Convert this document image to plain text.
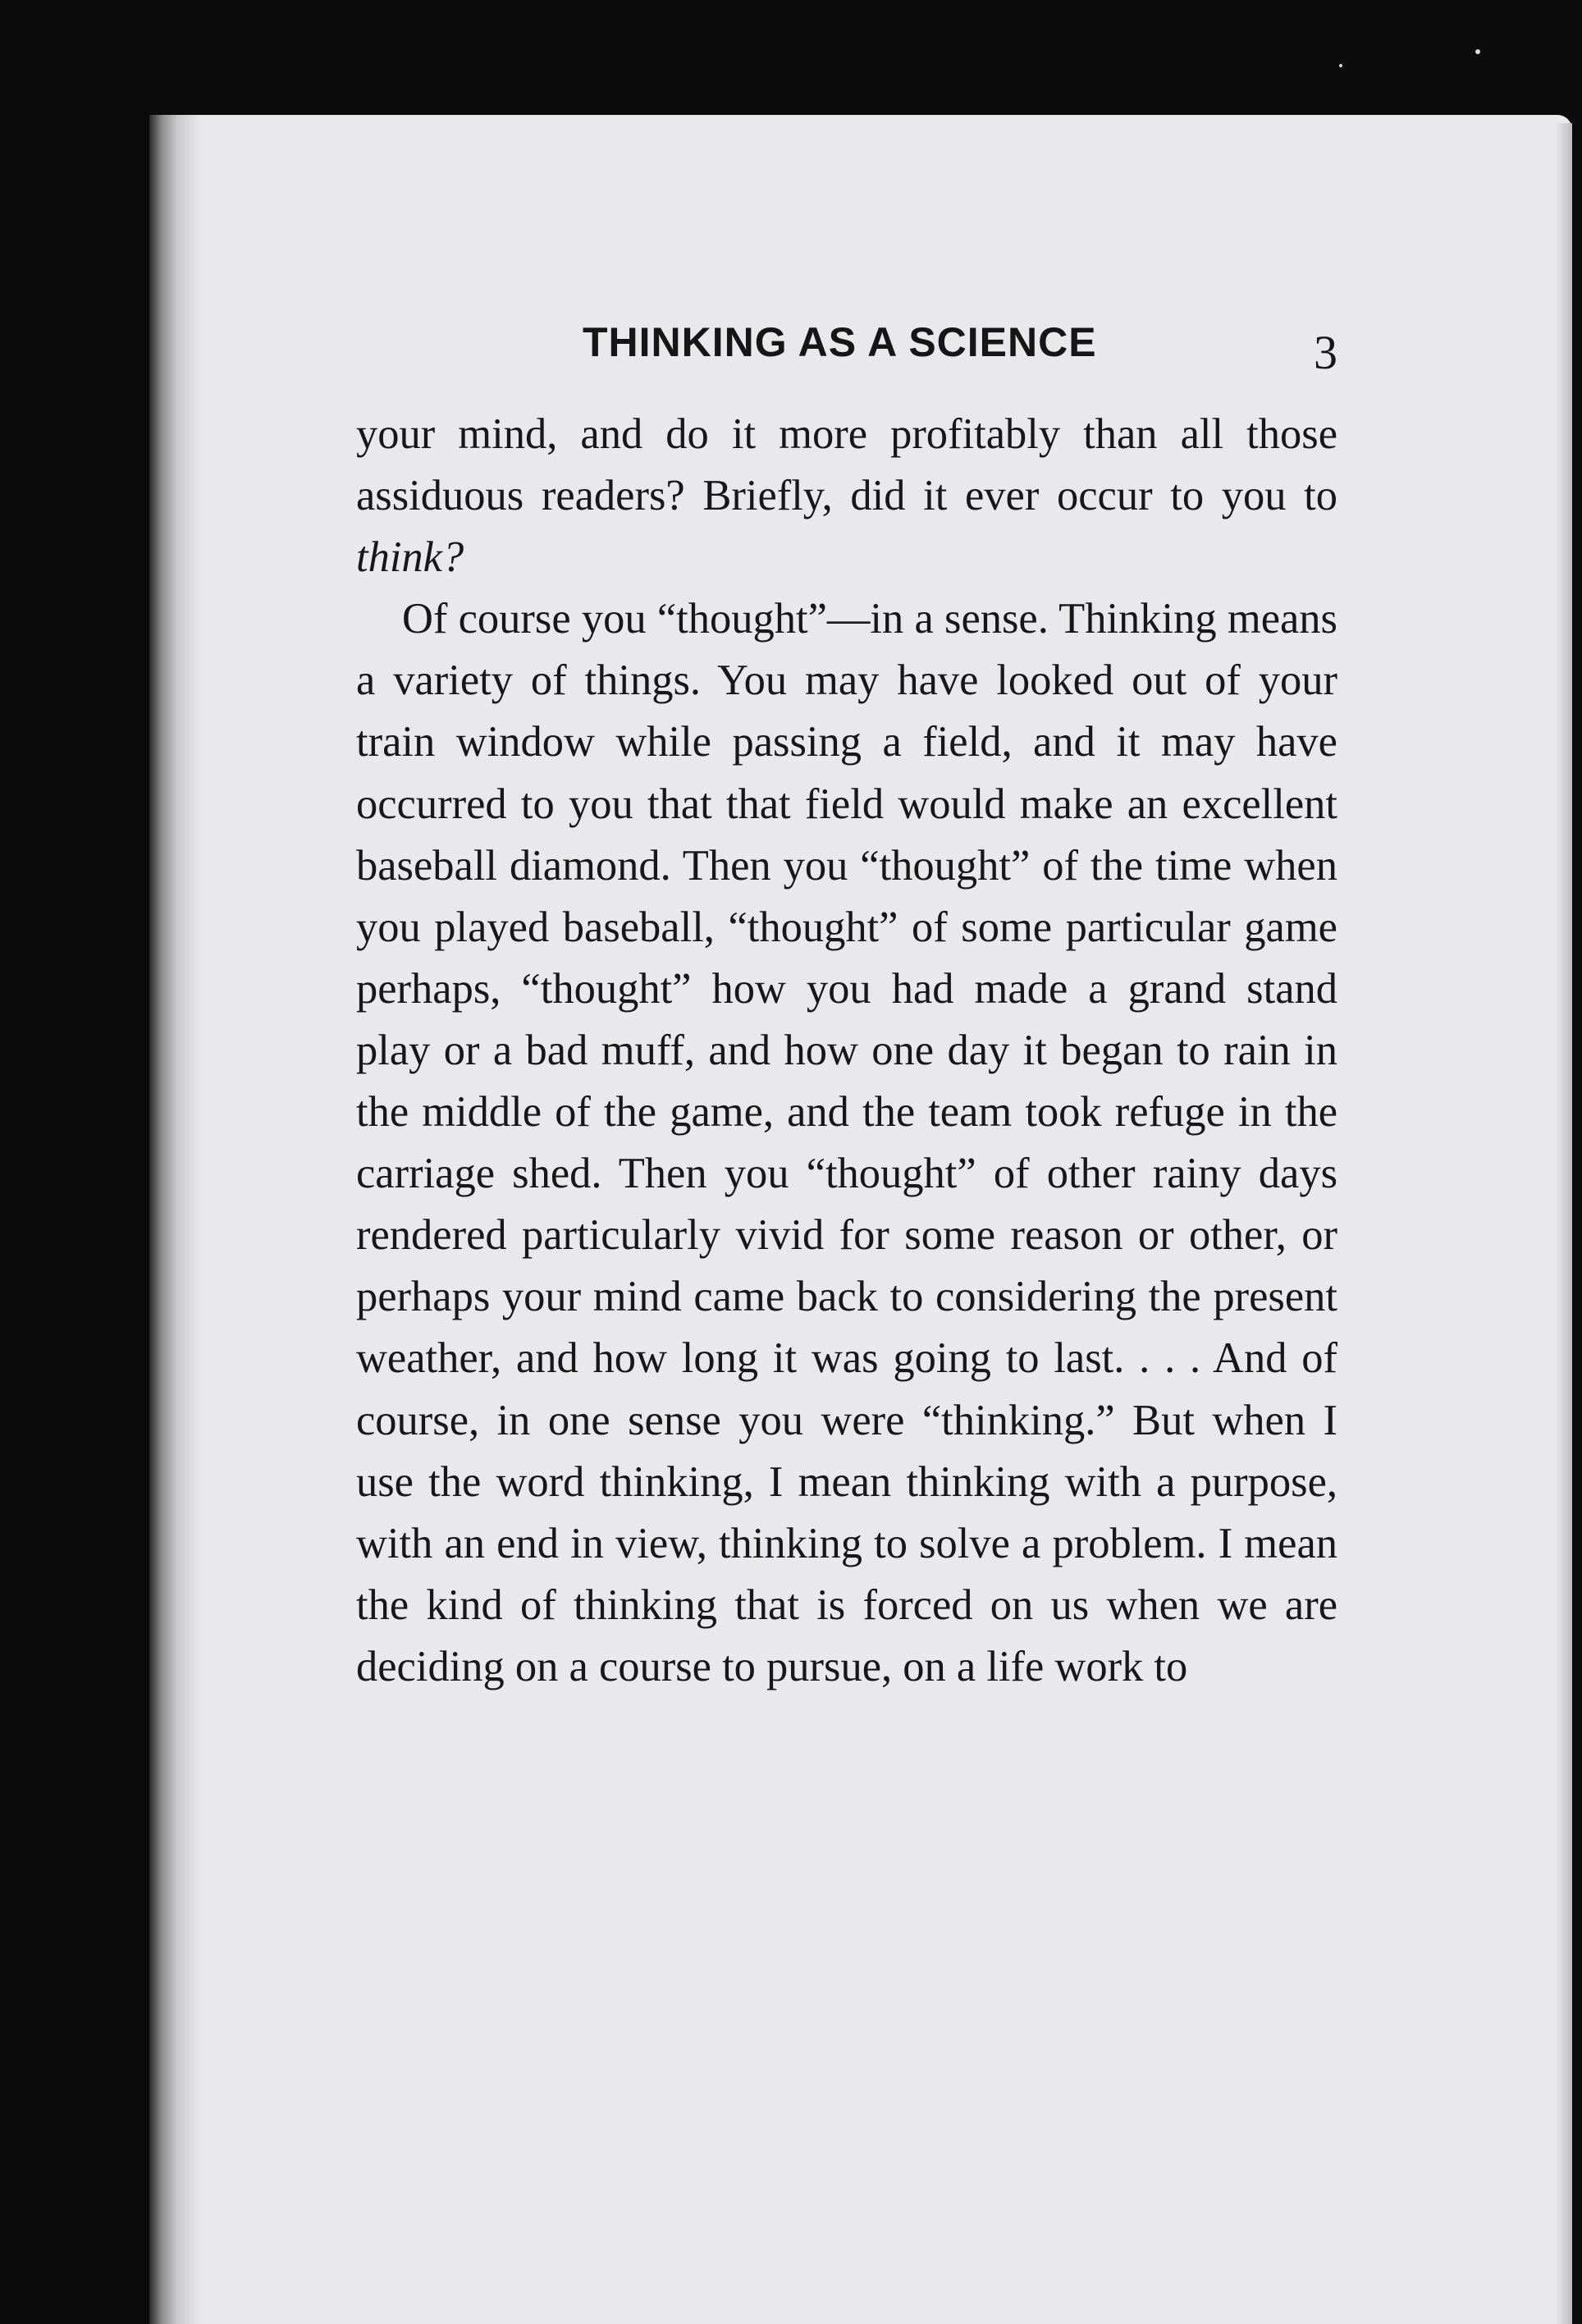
THINKING AS A SCIENCE	3

your mind, and do it more profitably than all those assiduous readers? Briefly, did it ever occur to you to think?

Of course you “thought”—in a sense. Thinking means a variety of things. You may have looked out of your train window while passing a field, and it may have occurred to you that that field would make an excellent baseball diamond. Then you “thought” of the time when you played baseball, “thought” of some particular game perhaps, “thought” how you had made a grand stand play or a bad muff, and how one day it began to rain in the middle of the game, and the team took refuge in the carriage shed. Then you “thought” of other rainy days rendered particularly vivid for some reason or other, or perhaps your mind came back to considering the present weather, and how long it was going to last. . . . And of course, in one sense you were “thinking.” But when I use the word thinking, I mean thinking with a purpose, with an end in view, thinking to solve a problem. I mean the kind of thinking that is forced on us when we are deciding on a course to pursue, on a life work to
